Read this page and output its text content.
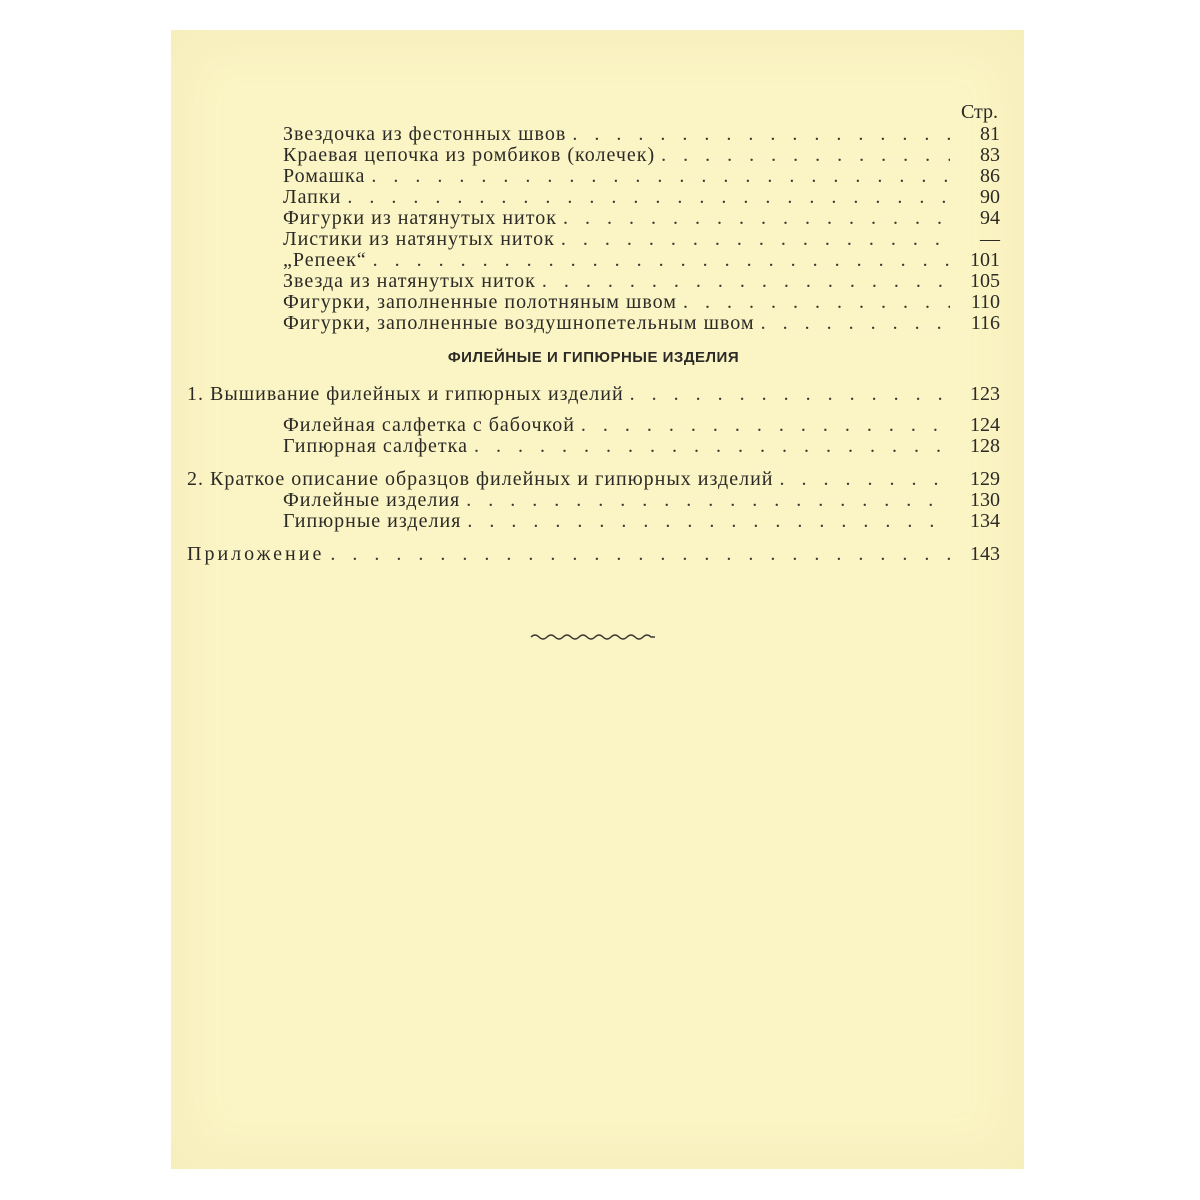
Стр.
Звездочка из фестонных швов . . .	81
Краевая цепочка из ромбиков (колечек) . . .	83
Ромашка . . .	86
Лапки . . .	90
Фигурки из натянутых ниток . . .	94
Листики из натянутых ниток . . .	—
„Репеек“ . . .	101
Звезда из натянутых ниток . . .	105
Фигурки, заполненные полотняным швом . . .	110
Фигурки, заполненные воздушнопетельным швом . . .	116
ФИЛЕЙНЫЕ И ГИПЮРНЫЕ ИЗДЕЛИЯ
1. Вышивание филейных и гипюрных изделий . . .	123
Филейная салфетка с бабочкой . . .	124
Гипюрная салфетка . . .	128
2. Краткое описание образцов филейных и гипюрных изделий . . .	129
Филейные изделия . . .	130
Гипюрные изделия . . .	134
Приложение . . .	143
